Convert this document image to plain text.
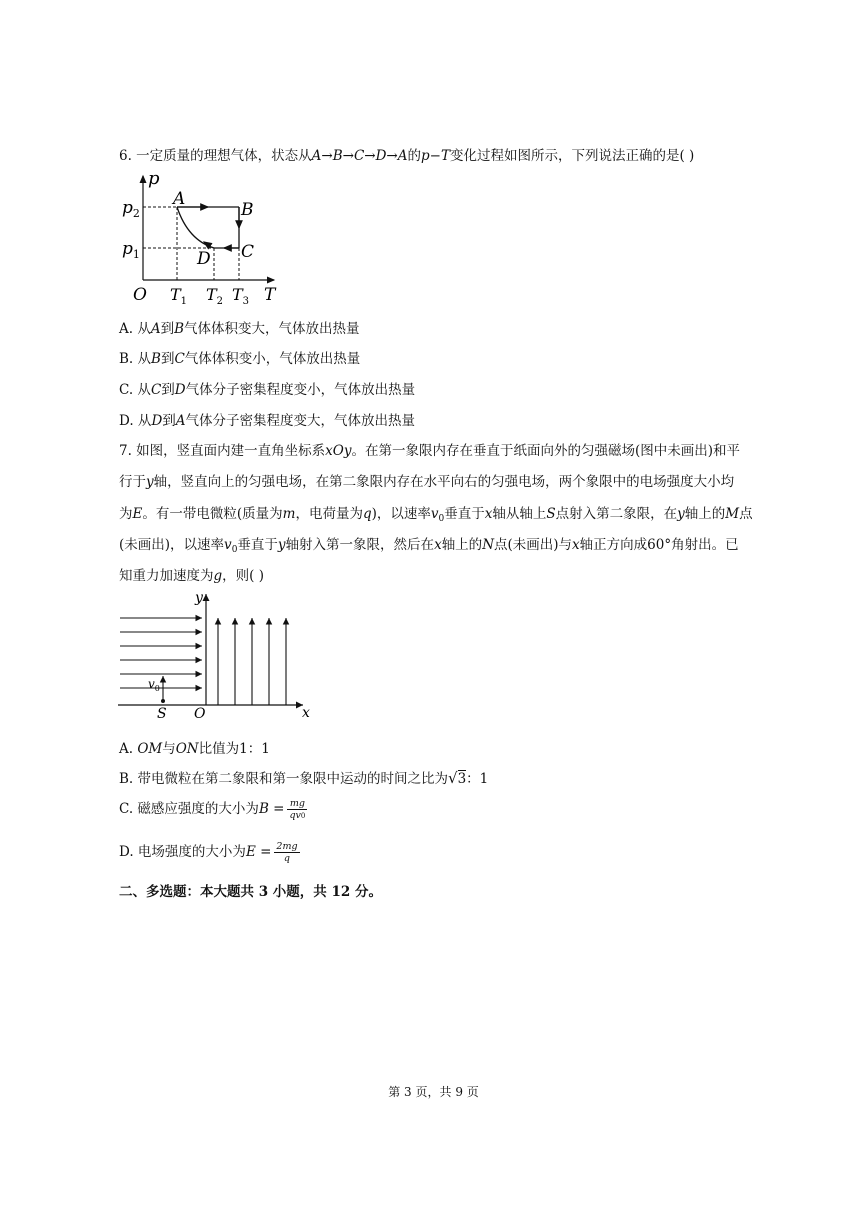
6. 一定质量的理想气体，状态从A→B→C→D→A的p−T变化过程如图所示，下列说法正确的是( )
p
O	T
$p_2$
$p_1$
$T_1$ $T_2$ $T_3$
A
B
C
D
A. 从A到B气体体积变大，气体放出热量
B. 从B到C气体体积变小，气体放出热量
C. 从C到D气体分子密集程度变小，气体放出热量
D. 从D到A气体分子密集程度变大，气体放出热量
7. 如图，竖直面内建一直角坐标系xOy。在第一象限内存在垂直于纸面向外的匀强磁场(图中未画出)和平
行于y轴，竖直向上的匀强电场，在第二象限内存在水平向右的匀强电场，两个象限中的电场强度大小均
为E。有一带电微粒(质量为m，电荷量为q)，以速率$v_0$垂直于x轴从轴上S点射入第二象限，在y轴上的M点
(未画出)，以速率$v_0$垂直于y轴射入第一象限，然后在x轴上的N点(未画出)与x轴正方向成60°角射出。已
知重力加速度为g，则( )
y
x
O
$v_0$
S
A. OM与ON比值为1：1
B. 带电微粒在第二象限和第一象限中运动的时间之比为√3：1
C. 磁感应强度的大小为$B = \frac{mg}{qv0}$
D. 电场强度的大小为$E = \frac{2mg}{q}$
二、多选题：本大题共 3 小题，共 12 分。
第 3 页，共 9 页
